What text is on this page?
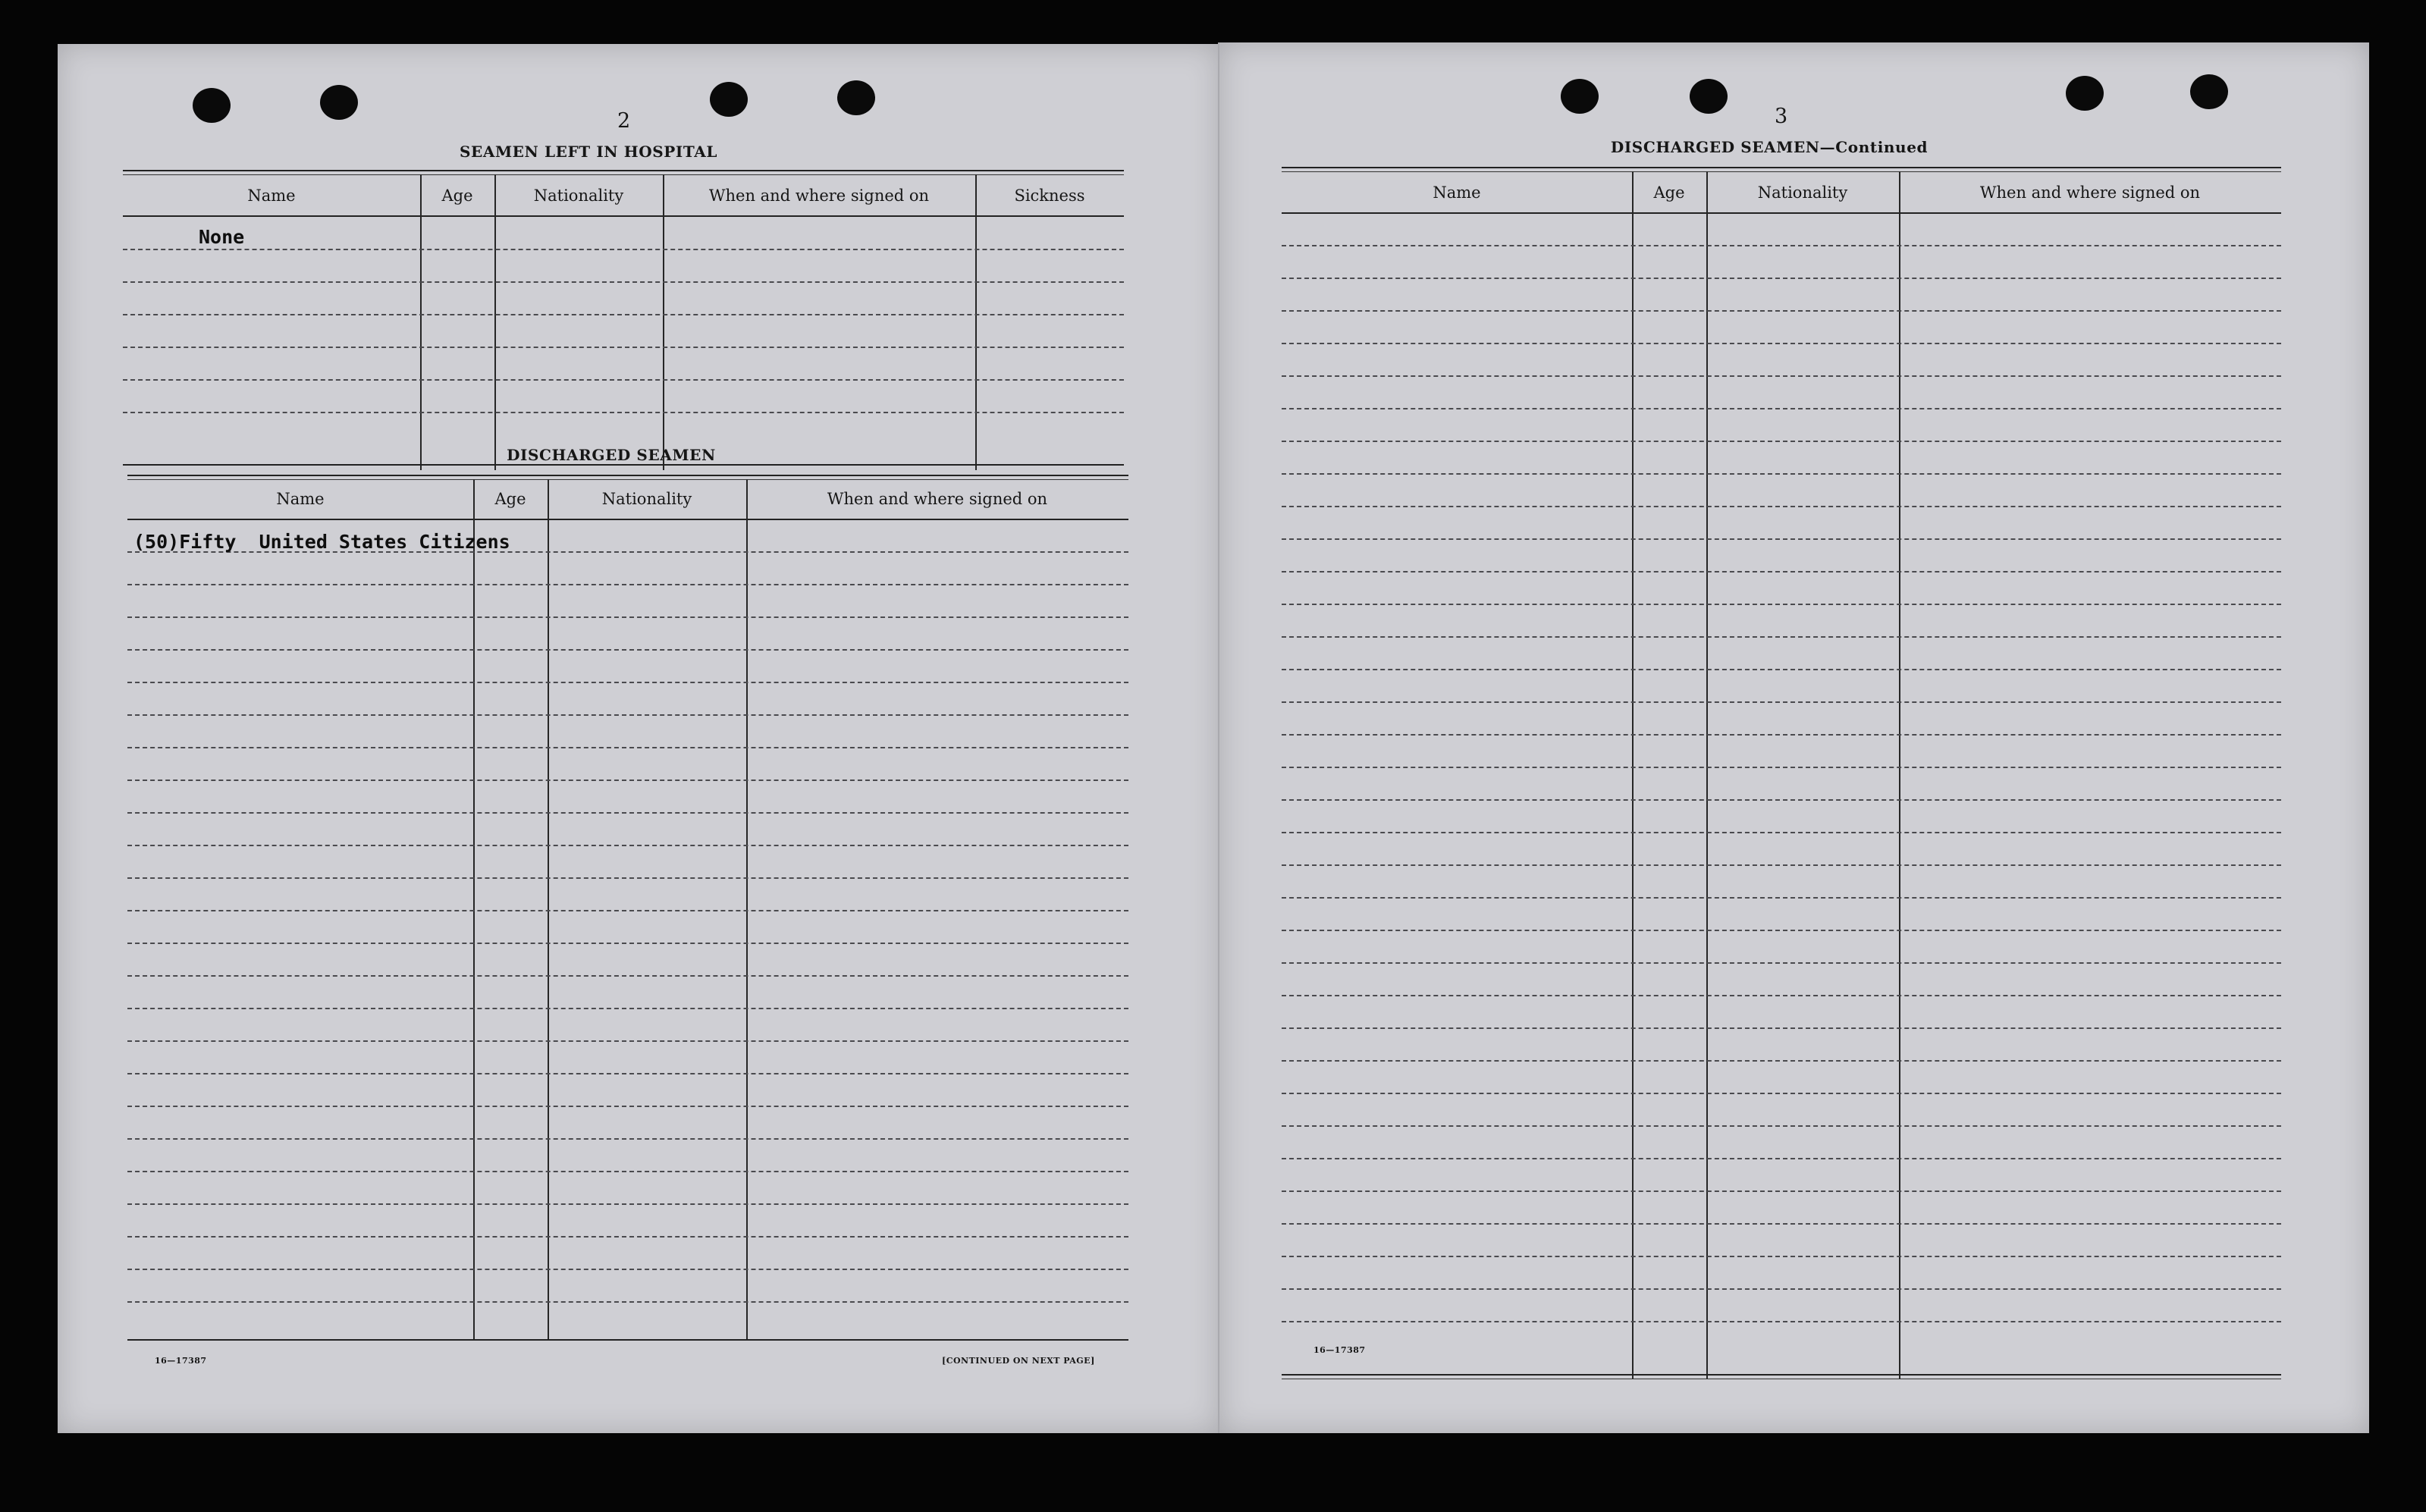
2
SEAMEN LEFT IN HOSPITAL
Name	Age	Nationality	When and where signed on	Sickness
None
DISCHARGED SEAMEN
Name	Age	Nationality	When and where signed on
(50)Fifty  United States Citizens
16—17387	[CONTINUED ON NEXT PAGE]
3
DISCHARGED SEAMEN—Continued
Name	Age	Nationality	When and where signed on
16—17387
